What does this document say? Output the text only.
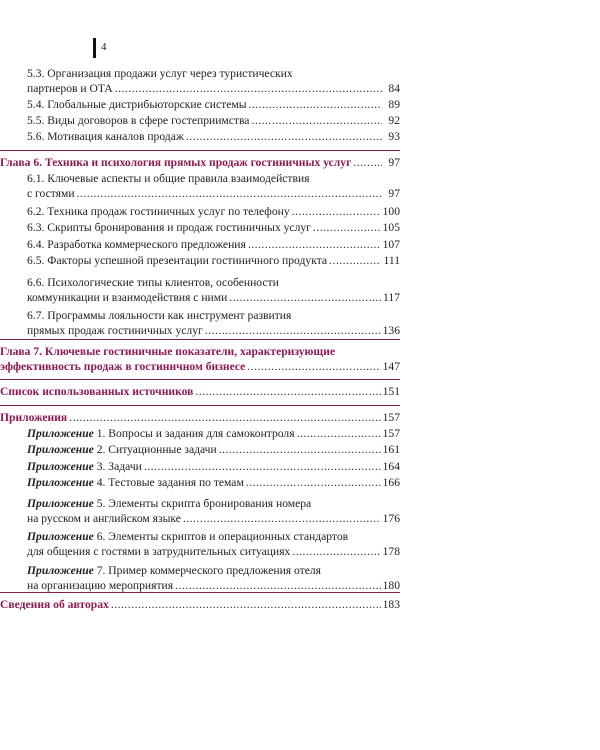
4
5.3. Организация продажи услуг через туристических
партнеров и ОТА .....	84
5.4. Глобальные дистрибьюторские системы .....	89
5.5. Виды договоров в сфере гостеприимства .....	92
5.6. Мотивация каналов продаж .....	93
Глава 6. Техника и психология прямых продаж гостиничных услуг .....	97
6.1. Ключевые аспекты и общие правила взаимодействия
с гостями .....	97
6.2. Техника продаж гостиничных услуг по телефону .....	100
6.3. Скрипты бронирования и продаж гостиничных услуг .....	105
6.4. Разработка коммерческого предложения .....	107
6.5. Факторы успешной презентации гостиничного продукта .....	111
6.6. Психологические типы клиентов, особенности
коммуникации и взаимодействия с ними .....	117
6.7. Программы лояльности как инструмент развития
прямых продаж гостиничных услуг .....	136
Глава 7. Ключевые гостиничные показатели, характеризующие
эффективность продаж в гостиничном бизнесе .....	147
Список использованных источников .....	151
Приложения .....	157
Приложение 1. Вопросы и задания для самоконтроля .....	157
Приложение 2. Ситуационные задачи .....	161
Приложение 3. Задачи .....	164
Приложение 4. Тестовые задания по темам .....	166
Приложение 5. Элементы скрипта бронирования номера
на русском и английском языке .....	176
Приложение 6. Элементы скриптов и операционных стандартов
для общения с гостями в затруднительных ситуациях .....	178
Приложение 7. Пример коммерческого предложения отеля
на организацию мероприятия .....	180
Сведения об авторах .....	183
